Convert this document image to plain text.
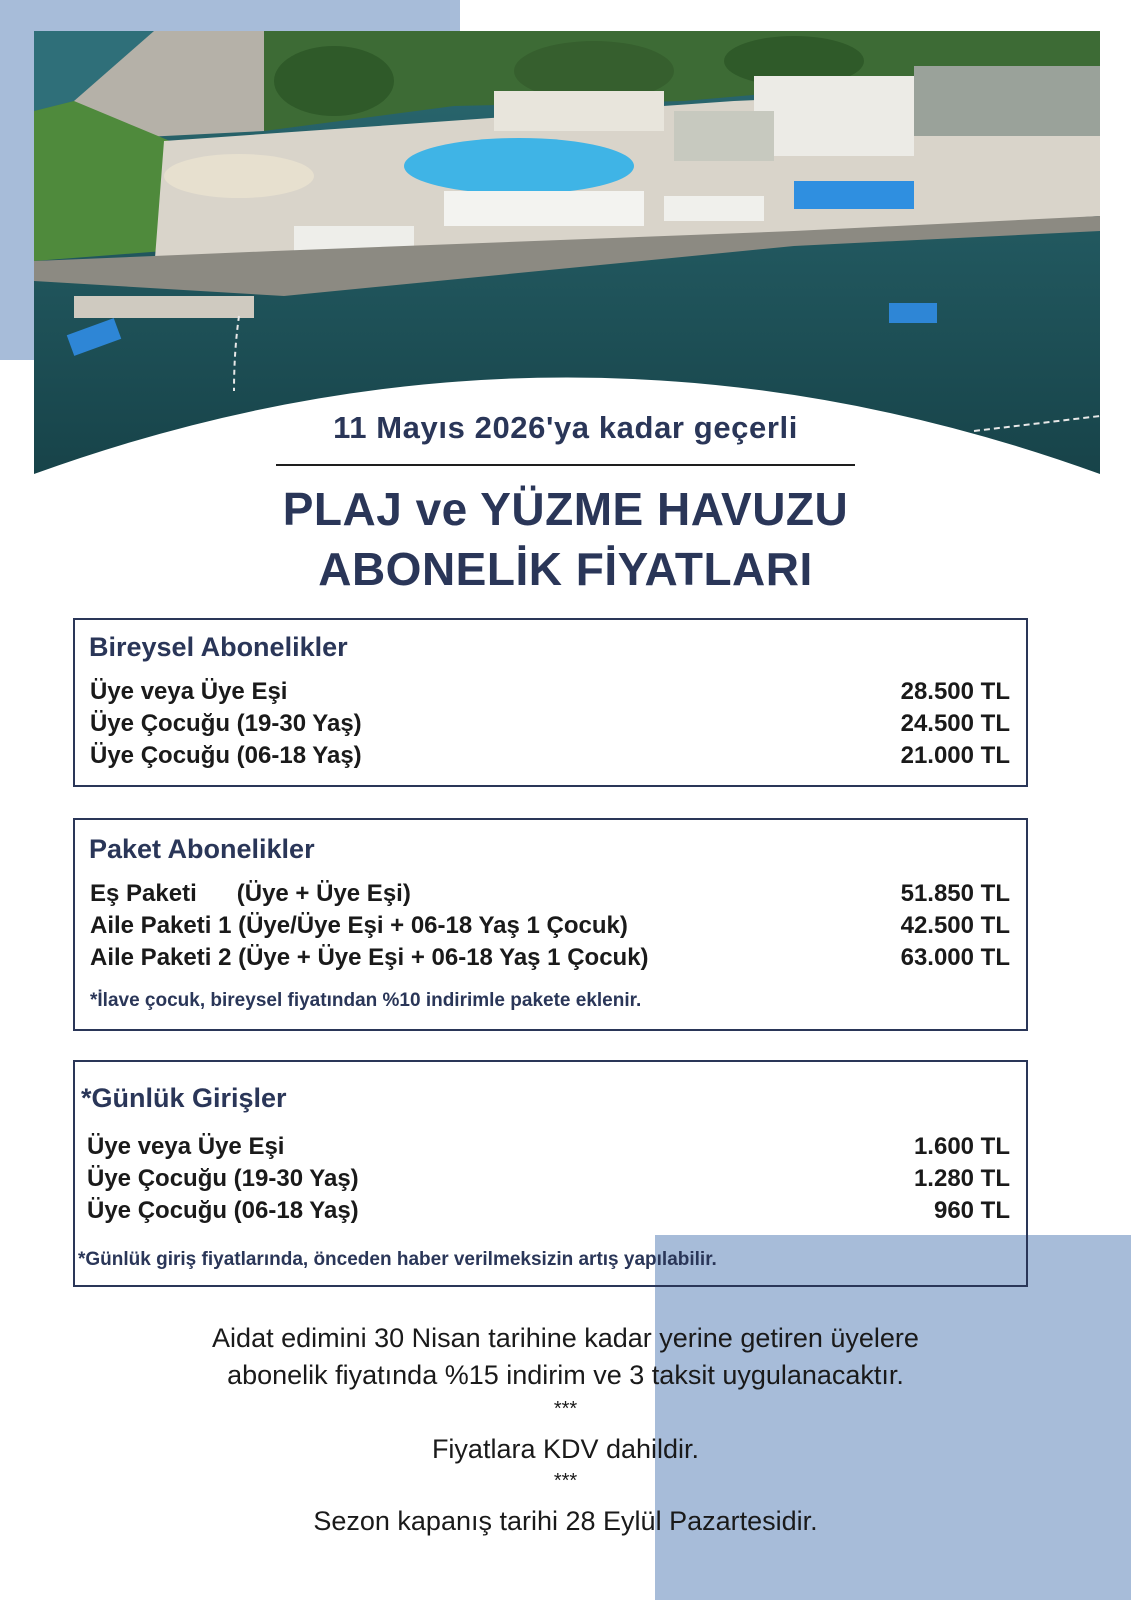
11 Mayıs 2026'ya kadar geçerli
PLAJ ve YÜZME HAVUZU
ABONELİK FİYATLARI
Bireysel Abonelikler
Üye veya Üye Eşi	28.500 TL
Üye Çocuğu (19-30 Yaş)	24.500 TL
Üye Çocuğu (06-18 Yaş)	21.000 TL
Paket Abonelikler
Eş Paketi      (Üye + Üye Eşi)	51.850 TL
Aile Paketi 1 (Üye/Üye Eşi + 06-18 Yaş 1 Çocuk)	42.500 TL
Aile Paketi 2 (Üye + Üye Eşi + 06-18 Yaş 1 Çocuk)	63.000 TL
*İlave çocuk, bireysel fiyatından %10 indirimle pakete eklenir.
*Günlük Girişler
Üye veya Üye Eşi	1.600 TL
Üye Çocuğu (19-30 Yaş)	1.280 TL
Üye Çocuğu (06-18 Yaş)	960 TL
*Günlük giriş fiyatlarında, önceden haber verilmeksizin artış yapılabilir.
Aidat edimini 30 Nisan tarihine kadar yerine getiren üyelere
abonelik fiyatında %15 indirim ve 3 taksit uygulanacaktır.
***
Fiyatlara KDV dahildir.
***
Sezon kapanış tarihi 28 Eylül Pazartesidir.
